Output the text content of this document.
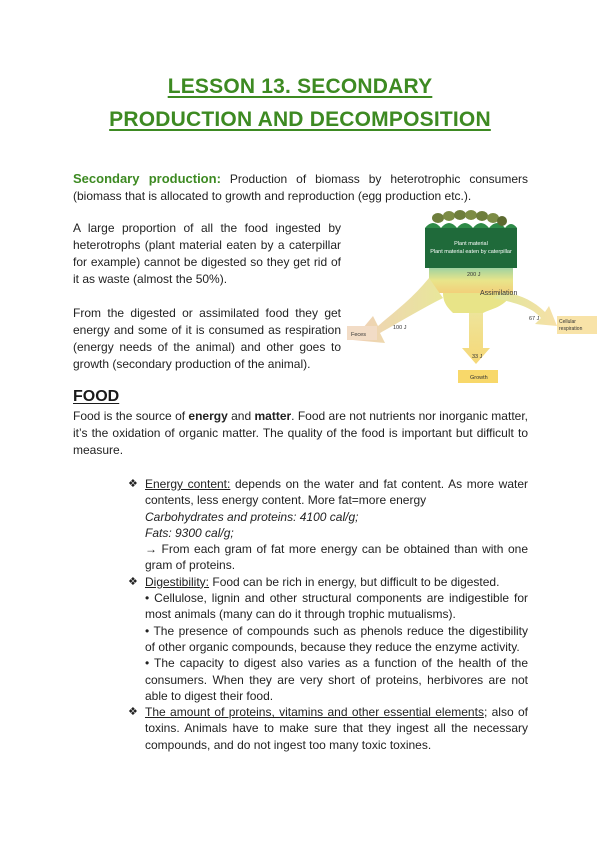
LESSON 13. SECONDARY
PRODUCTION AND DECOMPOSITION

Secondary production: Production of biomass by heterotrophic consumers (biomass that is allocated to growth and reproduction (egg production etc.).

A large proportion of all the food ingested by heterotrophs (plant material eaten by a caterpillar for example) cannot be digested so they get rid of it as waste (almost the 50%).

From the digested or assimilated food they get energy and some of it is consumed as respiration (energy needs of the animal) and other goes to growth (secondary production of the animal).

Plant material
Plant material eaten by caterpillar
200 J
Assimilation
100 J
Feces
67 J	Cellular
respiration
33 J
Growth
FOOD

Food is the source of energy and matter. Food are not nutrients nor inorganic matter, it’s the oxidation of organic matter. The quality of the food is important but difficult to measure.

❖ Energy content: depends on the water and fat content. As more water contents, less energy content. More fat=more energy
Carbohydrates and proteins: 4100 cal/g;
Fats: 9300 cal/g;
→ From each gram of fat more energy can be obtained than with one gram of proteins.
❖ Digestibility: Food can be rich in energy, but difficult to be digested.
• Cellulose, lignin and other structural components are indigestible for most animals (many can do it through trophic mutualisms).
• The presence of compounds such as phenols reduce the digestibility of other organic compounds, because they reduce the enzyme activity.
• The capacity to digest also varies as a function of the health of the consumers. When they are very short of proteins, herbivores are not able to digest their food.
❖ The amount of proteins, vitamins and other essential elements; also of toxins. Animals have to make sure that they ingest all the necessary compounds, and do not ingest too many toxic toxines.
